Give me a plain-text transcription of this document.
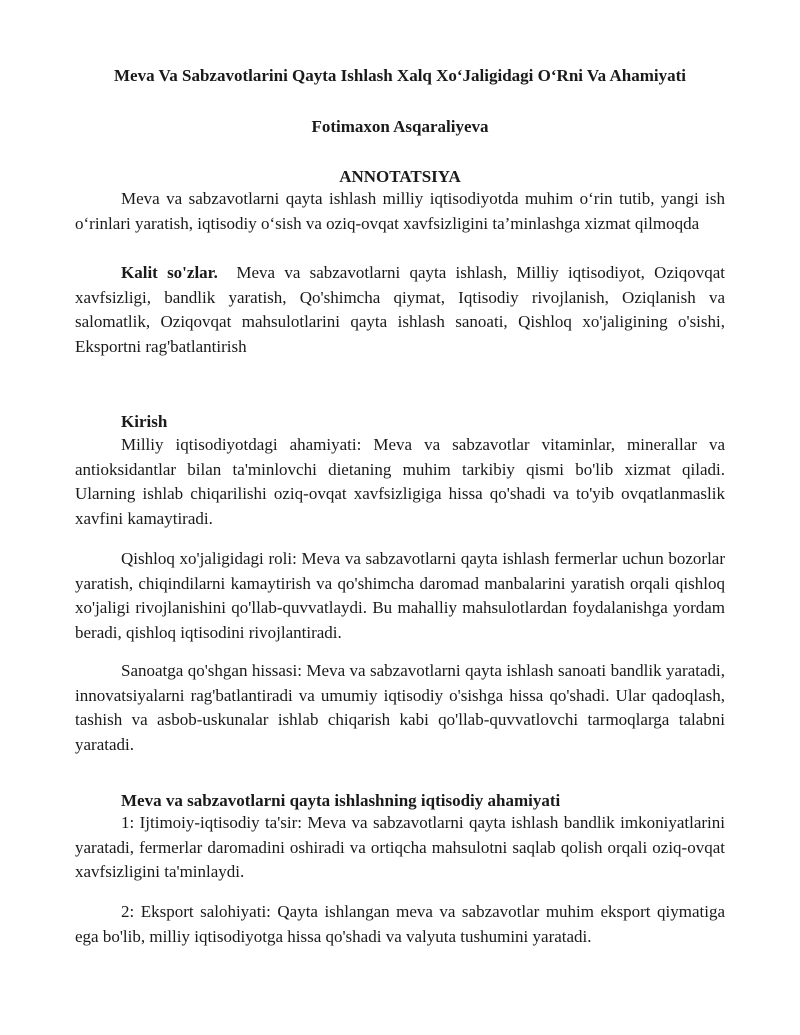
Meva Va Sabzavotlarini Qayta Ishlash Xalq Xo‘Jaligidagi O‘Rni Va Ahamiyati
Fotimaxon Asqaraliyeva
ANNOTATSIYA

Meva va sabzavotlarni qayta ishlash milliy iqtisodiyotda muhim o‘rin tutib, yangi ish o‘rinlari yaratish, iqtisodiy o‘sish va oziq-ovqat xavfsizligini ta’minlashga xizmat qilmoqda

Kalit so'zlar. Meva va sabzavotlarni qayta ishlash, Milliy iqtisodiyot, Oziqovqat xavfsizligi, bandlik yaratish, Qo'shimcha qiymat, Iqtisodiy rivojlanish, Oziqlanish va salomatlik, Oziqovqat mahsulotlarini qayta ishlash sanoati, Qishloq xo'jaligining o'sishi, Eksportni rag'batlantirish

Kirish

Milliy iqtisodiyotdagi ahamiyati: Meva va sabzavotlar vitaminlar, minerallar va antioksidantlar bilan ta'minlovchi dietaning muhim tarkibiy qismi bo'lib xizmat qiladi. Ularning ishlab chiqarilishi oziq-ovqat xavfsizligiga hissa qo'shadi va to'yib ovqatlanmaslik xavfini kamaytiradi.

Qishloq xo'jaligidagi roli: Meva va sabzavotlarni qayta ishlash fermerlar uchun bozorlar yaratish, chiqindilarni kamaytirish va qo'shimcha daromad manbalarini yaratish orqali qishloq xo'jaligi rivojlanishini qo'llab-quvvatlaydi. Bu mahalliy mahsulotlardan foydalanishga yordam beradi, qishloq iqtisodini rivojlantiradi.

Sanoatga qo'shgan hissasi: Meva va sabzavotlarni qayta ishlash sanoati bandlik yaratadi, innovatsiyalarni rag'batlantiradi va umumiy iqtisodiy o'sishga hissa qo'shadi. Ular qadoqlash, tashish va asbob-uskunalar ishlab chiqarish kabi qo'llab-quvvatlovchi tarmoqlarga talabni yaratadi.

Meva va sabzavotlarni qayta ishlashning iqtisodiy ahamiyati

1: Ijtimoiy-iqtisodiy ta'sir: Meva va sabzavotlarni qayta ishlash bandlik imkoniyatlarini yaratadi, fermerlar daromadini oshiradi va ortiqcha mahsulotni saqlab qolish orqali oziq-ovqat xavfsizligini ta'minlaydi.

2: Eksport salohiyati: Qayta ishlangan meva va sabzavotlar muhim eksport qiymatiga ega bo'lib, milliy iqtisodiyotga hissa qo'shadi va valyuta tushumini yaratadi.
